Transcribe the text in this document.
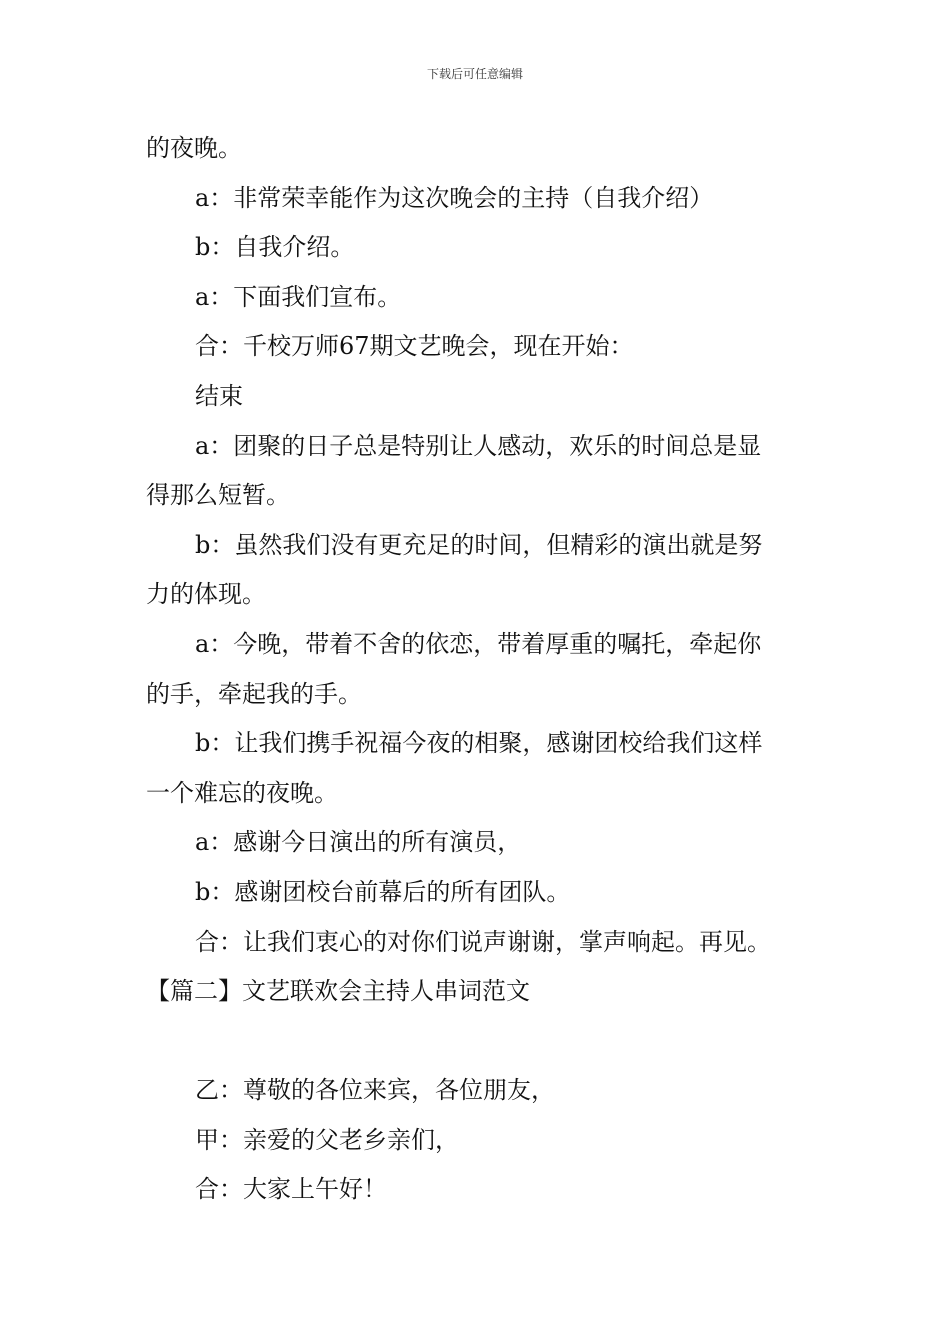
下载后可任意编辑
的夜晚。
a：非常荣幸能作为这次晚会的主持（自我介绍）
b：自我介绍。
a：下面我们宣布。
合：千校万师67期文艺晚会，现在开始：
结束
a：团聚的日子总是特别让人感动，欢乐的时间总是显
得那么短暂。
b：虽然我们没有更充足的时间，但精彩的演出就是努
力的体现。
a：今晚，带着不舍的依恋，带着厚重的嘱托，牵起你
的手，牵起我的手。
b：让我们携手祝福今夜的相聚，感谢团校给我们这样
一个难忘的夜晚。
a：感谢今日演出的所有演员，
b：感谢团校台前幕后的所有团队。
合：让我们衷心的对你们说声谢谢，掌声响起。再见。
【篇二】文艺联欢会主持人串词范文
乙：尊敬的各位来宾，各位朋友，
甲：亲爱的父老乡亲们，
合：大家上午好！
